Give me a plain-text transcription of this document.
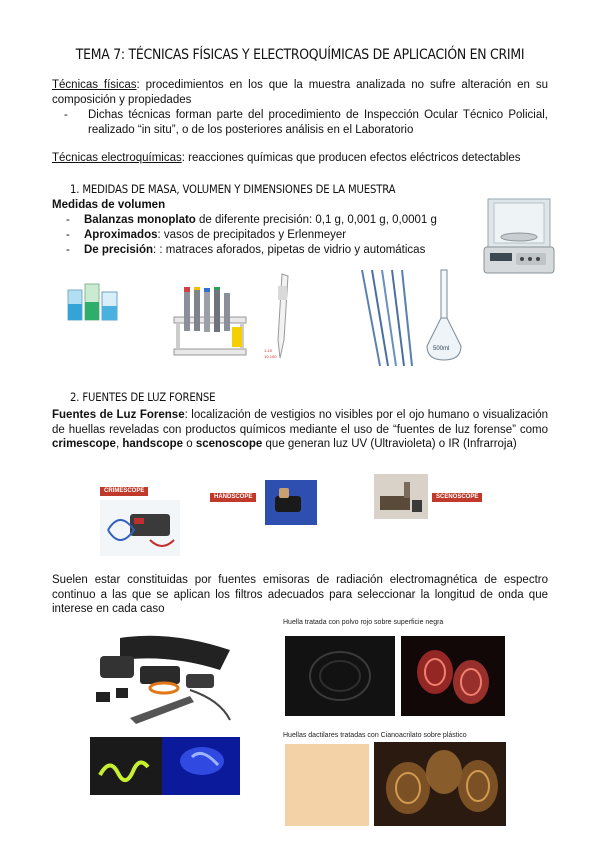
TEMA 7: TÉCNICAS FÍSICAS Y ELECTROQUÍMICAS DE APLICACIÓN EN CRIMI
Técnicas físicas: procedimientos en los que la muestra analizada no sufre alteración en su composición y propiedades
- Dichas técnicas forman parte del procedimiento de Inspección Ocular Técnico Policial, realizado “in situ”, o de los posteriores análisis en el Laboratorio
Técnicas electroquímicas: reacciones químicas que producen efectos eléctricos detectables
1. MEDIDAS DE MASA, VOLUMEN Y DIMENSIONES DE LA MUESTRA
Medidas de volumen
- Balanzas monoplato de diferente precisión: 0,1 g, 0,001 g, 0,0001 g
- Aproximados: vasos de precipitados y Erlenmeyer
- De precisión: : matraces aforados, pipetas de vidrio y automáticas
1-10
10-100
500ml
2. FUENTES DE LUZ FORENSE
Fuentes de Luz Forense: localización de vestigios no visibles por el ojo humano o visualización de huellas reveladas con productos químicos mediante el uso de “fuentes de luz forense” como crimescope, handscope o scenoscope que generan luz UV (Ultravioleta) o IR (Infrarroja)
CRIMESCOPE
HANDSCOPE	SCENOSCOPE
Suelen estar constituidas por fuentes emisoras de radiación electromagnética de espectro continuo a las que se aplican los filtros adecuados para seleccionar la longitud de onda que interese en cada caso
Huella tratada con polvo rojo sobre superficie negra
Huellas dactilares tratadas con Cianoacrilato sobre plástico
